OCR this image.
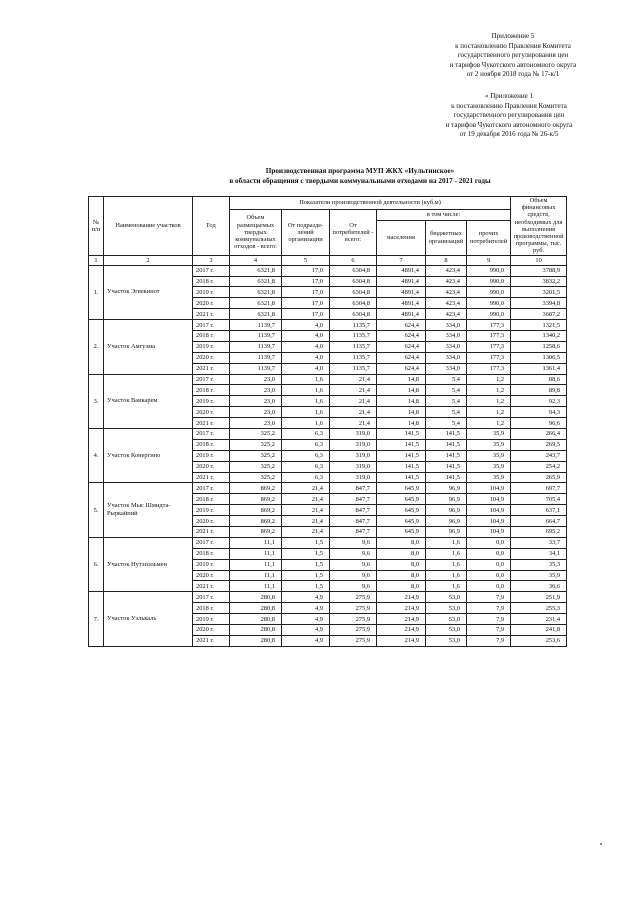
Приложение 5
к постановлению Правления Комитета
государственного регулирования цен
и тарифов Чукотского автономного округа
от 2 ноября 2018 года № 17-к/1
« Приложение 1
к постановлению Правления Комитета
государственного регулирования цен
и тарифов Чукотского автономного округа
от 19 декабря 2016 года № 26-к/5
Производственная программа МУП ЖКХ «Иультинское»
в области обращения с твердыми коммунальными отходами на 2017 - 2021 годы
№ п/п	Наименование участков	Год	Показатели производственной деятельности (куб.м)						Объем финансовых средств, необходимых для выполнения производственной программы, тыс. руб.
			Объем размещаемых твердых коммунальных отходов - всего:	От подразде-лений организации	От потребителей - всего:	в том числе:			
						населения	бюджетных организаций	прочих потребителей	
1	2	3	4	5	6	7	8	9	10
1.	Участок Эгвекинот	2017 г.	6321,8	17,0	6304,8	4891,4	423,4	990,0	3788,9
		2018 г.	6321,8	17,0	6304,8	4891,4	423,4	990,0	3832,2
		2019 г.	6321,8	17,0	6304,8	4891,4	423,4	990,0	3201,5
		2020 г.	6321,8	17,0	6304,8	4891,4	423,4	990,0	3394,8
		2021 г.	6321,8	17,0	6304,8	4891,4	423,4	990,0	3607,2
2.	Участок Амгуэма	2017 г.	1139,7	4,0	1135,7	624,4	334,0	177,3	1321,5
		2018 г.	1139,7	4,0	1135,7	624,4	334,0	177,3	1340,2
		2019 г.	1139,7	4,0	1135,7	624,4	334,0	177,3	1258,6
		2020 г.	1139,7	4,0	1135,7	624,4	334,0	177,3	1306,5
		2021 г.	1139,7	4,0	1135,7	624,4	334,0	177,3	1361,4
3.	Участок Ванкарем	2017 г.	23,0	1,6	21,4	14,8	5,4	1,2	88,6
		2018 г.	23,0	1,6	21,4	14,8	5,4	1,2	89,8
		2019 г.	23,0	1,6	21,4	14,8	5,4	1,2	92,3
		2020 г.	23,0	1,6	21,4	14,8	5,4	1,2	94,3
		2021 г.	23,0	1,6	21,4	14,8	5,4	1,2	96,6
4.	Участок Конергино	2017 г.	325,2	6,3	319,0	141,5	141,5	35,9	266,4
		2018 г.	325,2	6,3	319,0	141,5	141,5	35,9	269,5
		2019 г.	325,2	6,3	319,0	141,5	141,5	35,9	243,7
		2020 г.	325,2	6,3	319,0	141,5	141,5	35,9	254,2
		2021 г.	325,2	6,3	319,0	141,5	141,5	35,9	265,9
5.	Участок Мыс Шмидта-Рыркайпий	2017 г.	869,2	21,4	847,7	645,9	96,9	104,9	697,7
		2018 г.	869,2	21,4	847,7	645,9	96,9	104,9	705,4
		2019 г.	869,2	21,4	847,7	645,9	96,9	104,9	637,1
		2020 г.	869,2	21,4	847,7	645,9	96,9	104,9	664,7
		2021 г.	869,2	21,4	847,7	645,9	96,9	104,9	695,2
6.	Участок Нутэпэльмен	2017 г.	11,1	1,5	9,6	8,0	1,6	0,0	33,7
		2018 г.	11,1	1,5	9,6	8,0	1,6	0,0	34,1
		2019 г.	11,1	1,5	9,6	8,0	1,6	0,0	35,3
		2020 г.	11,1	1,5	9,6	8,0	1,6	0,0	35,9
		2021 г.	11,1	1,5	9,6	8,0	1,6	0,0	36,6
7.	Участок Уэлькаль	2017 г.	280,8	4,9	275,9	214,9	53,0	7,9	251,9
		2018 г.	280,8	4,9	275,9	214,9	53,0	7,9	255,3
		2019 г.	280,8	4,9	275,9	214,9	53,0	7,9	231,4
		2020 г.	280,8	4,9	275,9	214,9	53,0	7,9	241,8
		2021 г.	280,8	4,9	275,9	214,9	53,0	7,9	253,6
